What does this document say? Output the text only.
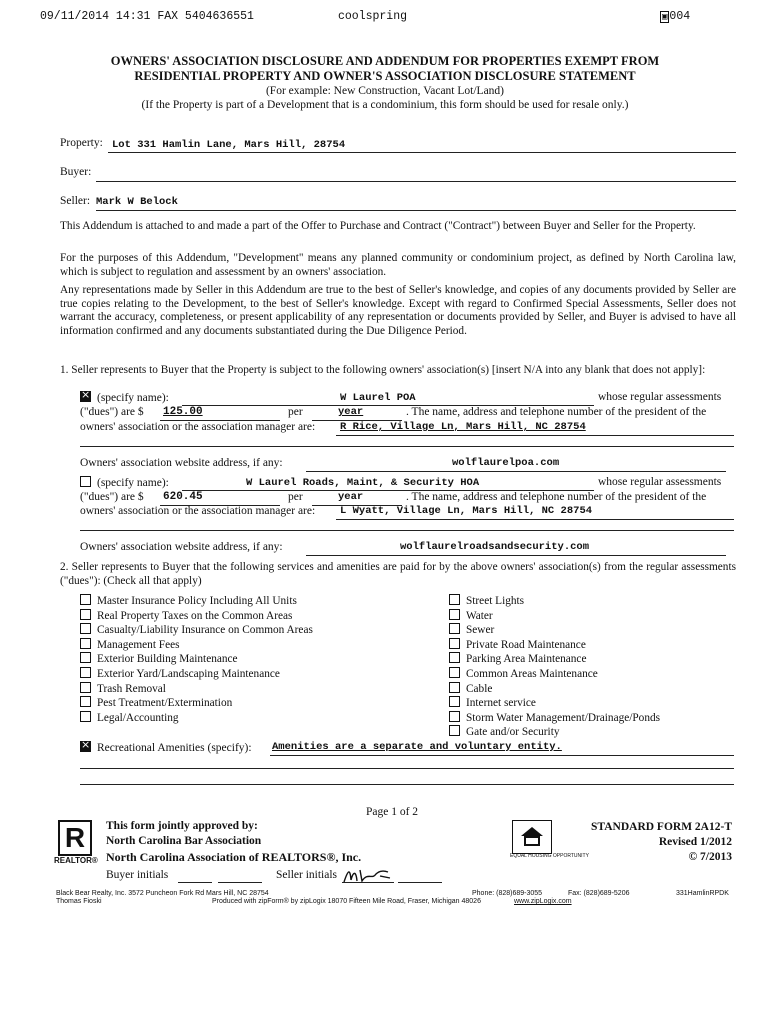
09/11/2014 14:31 FAX 5404636551	coolspring	▣ 004
OWNERS' ASSOCIATION DISCLOSURE AND ADDENDUM FOR PROPERTIES EXEMPT FROM
RESIDENTIAL PROPERTY AND OWNER'S ASSOCIATION DISCLOSURE STATEMENT
(For example: New Construction, Vacant Lot/Land)
(If the Property is part of a Development that is a condominium, this form should be used for resale only.)
Property: Lot 331 Hamlin Lane, Mars Hill, 28754
Buyer:
Seller: Mark W Belock
This Addendum is attached to and made a part of the Offer to Purchase and Contract ("Contract") between Buyer and Seller for the Property.
For the purposes of this Addendum, "Development" means any planned community or condominium project, as defined by North Carolina law, which is subject to regulation and assessment by an owners' association.
Any representations made by Seller in this Addendum are true to the best of Seller's knowledge, and copies of any documents provided by Seller are true copies relating to the Development, to the best of Seller's knowledge. Except with regard to Confirmed Special Assessments, Seller does not warrant the accuracy, completeness, or present applicability of any representation or documents provided by Seller, and Buyer is advised to have all information confirmed and any documents substantiated during the Due Diligence Period.
1. Seller represents to Buyer that the Property is subject to the following owners' association(s) [insert N/A into any blank that does not apply]:
×(specify name):	W Laurel POA	whose regular assessments
("dues") are $ 125.00	per	year	. The name, address and telephone number of the president of the
owners' association or the association manager are: R Rice, Village Ln, Mars Hill, NC 28754
Owners' association website address, if any:	wolflaurelpoa.com
(specify name):	W Laurel Roads, Maint, & Security HOA	whose regular assessments
("dues") are $ 620.45	per	year	. The name, address and telephone number of the president of the
owners' association or the association manager are: L Wyatt, Village Ln, Mars Hill, NC 28754
Owners' association website address, if any:	wolflaurelroadsandsecurity.com
2. Seller represents to Buyer that the following services and amenities are paid for by the above owners' association(s) from the regular assessments ("dues"): (Check all that apply)
Master Insurance Policy Including All Units
Real Property Taxes on the Common Areas
Casualty/Liability Insurance on Common Areas
Management Fees
Exterior Building Maintenance
Exterior Yard/Landscaping Maintenance
Trash Removal
Pest Treatment/Extermination
Legal/Accounting
Street Lights
Water
Sewer
Private Road Maintenance
Parking Area Maintenance
Common Areas Maintenance
Cable
Internet service
Storm Water Management/Drainage/Ponds
Gate and/or Security
×Recreational Amenities (specify): Amenities are a separate and voluntary entity.
Page 1 of 2
R
REALTOR®
This form jointly approved by:
North Carolina Bar Association
North Carolina Association of REALTORS®, Inc.	EQUAL HOUSING OPPORTUNITY
STANDARD FORM 2A12-T
Revised 1/2012
© 7/2013
Buyer initials	Seller initials
Black Bear Realty, Inc. 3572 Puncheon Fork Rd Mars Hill, NC 28754
Thomas Fioski
Phone: (828)689-3055	Fax: (828)689-5206	331HamlinRPDK
Produced with zipForm® by zipLogix 18070 Fifteen Mile Road, Fraser, Michigan 48026	www.zipLogix.com
